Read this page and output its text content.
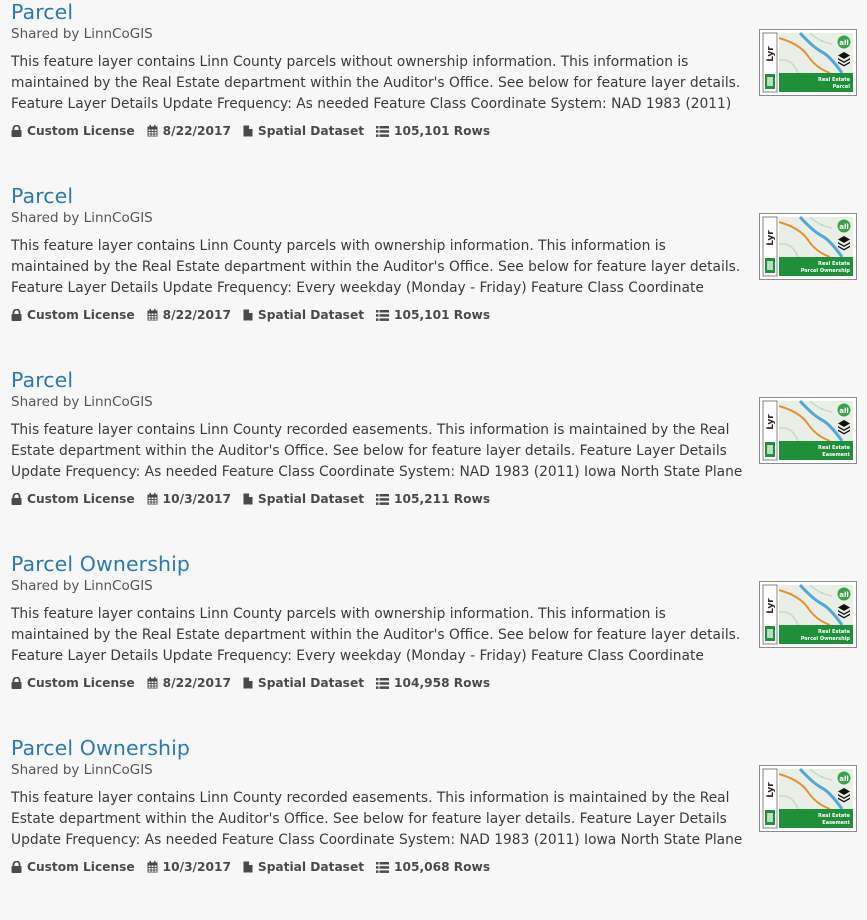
Parcel
Shared by LinnCoGIS
This feature layer contains Linn County parcels without ownership information. This information is maintained by the Real Estate department within the Auditor's Office. See below for feature layer details. Feature Layer Details Update Frequency: As needed Feature Class Coordinate System: NAD 1983 (2011)
Custom License 8/22/2017 Spatial Dataset 105,101 Rows
Lyr
all
Real Estate
Parcel
Parcel
Shared by LinnCoGIS
This feature layer contains Linn County parcels with ownership information. This information is maintained by the Real Estate department within the Auditor's Office. See below for feature layer details. Feature Layer Details Update Frequency: Every weekday (Monday - Friday) Feature Class Coordinate
Custom License 8/22/2017 Spatial Dataset 105,101 Rows
Lyr
all
Real Estate
Parcel Ownership
Parcel
Shared by LinnCoGIS
This feature layer contains Linn County recorded easements. This information is maintained by the Real Estate department within the Auditor's Office. See below for feature layer details. Feature Layer Details Update Frequency: As needed Feature Class Coordinate System: NAD 1983 (2011) Iowa North State Plane
Custom License 10/3/2017 Spatial Dataset 105,211 Rows
Lyr
all
Real Estate
Easement
Parcel Ownership
Shared by LinnCoGIS
This feature layer contains Linn County parcels with ownership information. This information is maintained by the Real Estate department within the Auditor's Office. See below for feature layer details. Feature Layer Details Update Frequency: Every weekday (Monday - Friday) Feature Class Coordinate
Custom License 8/22/2017 Spatial Dataset 104,958 Rows
Lyr
all
Real Estate
Parcel Ownership
Parcel Ownership
Shared by LinnCoGIS
This feature layer contains Linn County recorded easements. This information is maintained by the Real Estate department within the Auditor's Office. See below for feature layer details. Feature Layer Details Update Frequency: As needed Feature Class Coordinate System: NAD 1983 (2011) Iowa North State Plane
Custom License 10/3/2017 Spatial Dataset 105,068 Rows
Lyr
all
Real Estate
Easement
